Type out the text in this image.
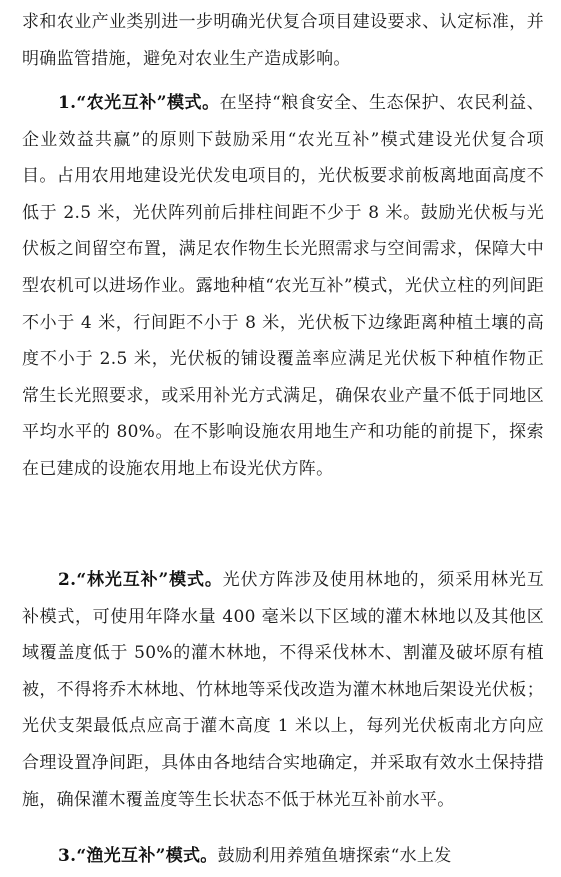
求和农业产业类别进一步明确光伏复合项目建设要求、认定标准，并明确监管措施，避免对农业生产造成影响。

1.“农光互补”模式。在坚持“粮食安全、生态保护、农民利益、企业效益共赢”的原则下鼓励采用“农光互补”模式建设光伏复合项目。占用农用地建设光伏发电项目的，光伏板要求前板离地面高度不低于 2.5 米，光伏阵列前后排柱间距不少于 8 米。鼓励光伏板与光伏板之间留空布置，满足农作物生长光照需求与空间需求，保障大中型农机可以进场作业。露地种植“农光互补”模式，光伏立柱的列间距不小于 4 米，行间距不小于 8 米，光伏板下边缘距离种植土壤的高度不小于 2.5 米，光伏板的铺设覆盖率应满足光伏板下种植作物正常生长光照要求，或采用补光方式满足，确保农业产量不低于同地区平均水平的 80%。在不影响设施农用地生产和功能的前提下，探索在已建成的设施农用地上布设光伏方阵。

2.“林光互补”模式。光伏方阵涉及使用林地的，须采用林光互补模式，可使用年降水量 400 毫米以下区域的灌木林地以及其他区域覆盖度低于 50%的灌木林地，不得采伐林木、割灌及破坏原有植被，不得将乔木林地、竹林地等采伐改造为灌木林地后架设光伏板；光伏支架最低点应高于灌木高度 1 米以上，每列光伏板南北方向应合理设置净间距，具体由各地结合实地确定，并采取有效水土保持措施，确保灌木覆盖度等生长状态不低于林光互补前水平。

3.“渔光互补”模式。鼓励利用养殖鱼塘探索“水上发
